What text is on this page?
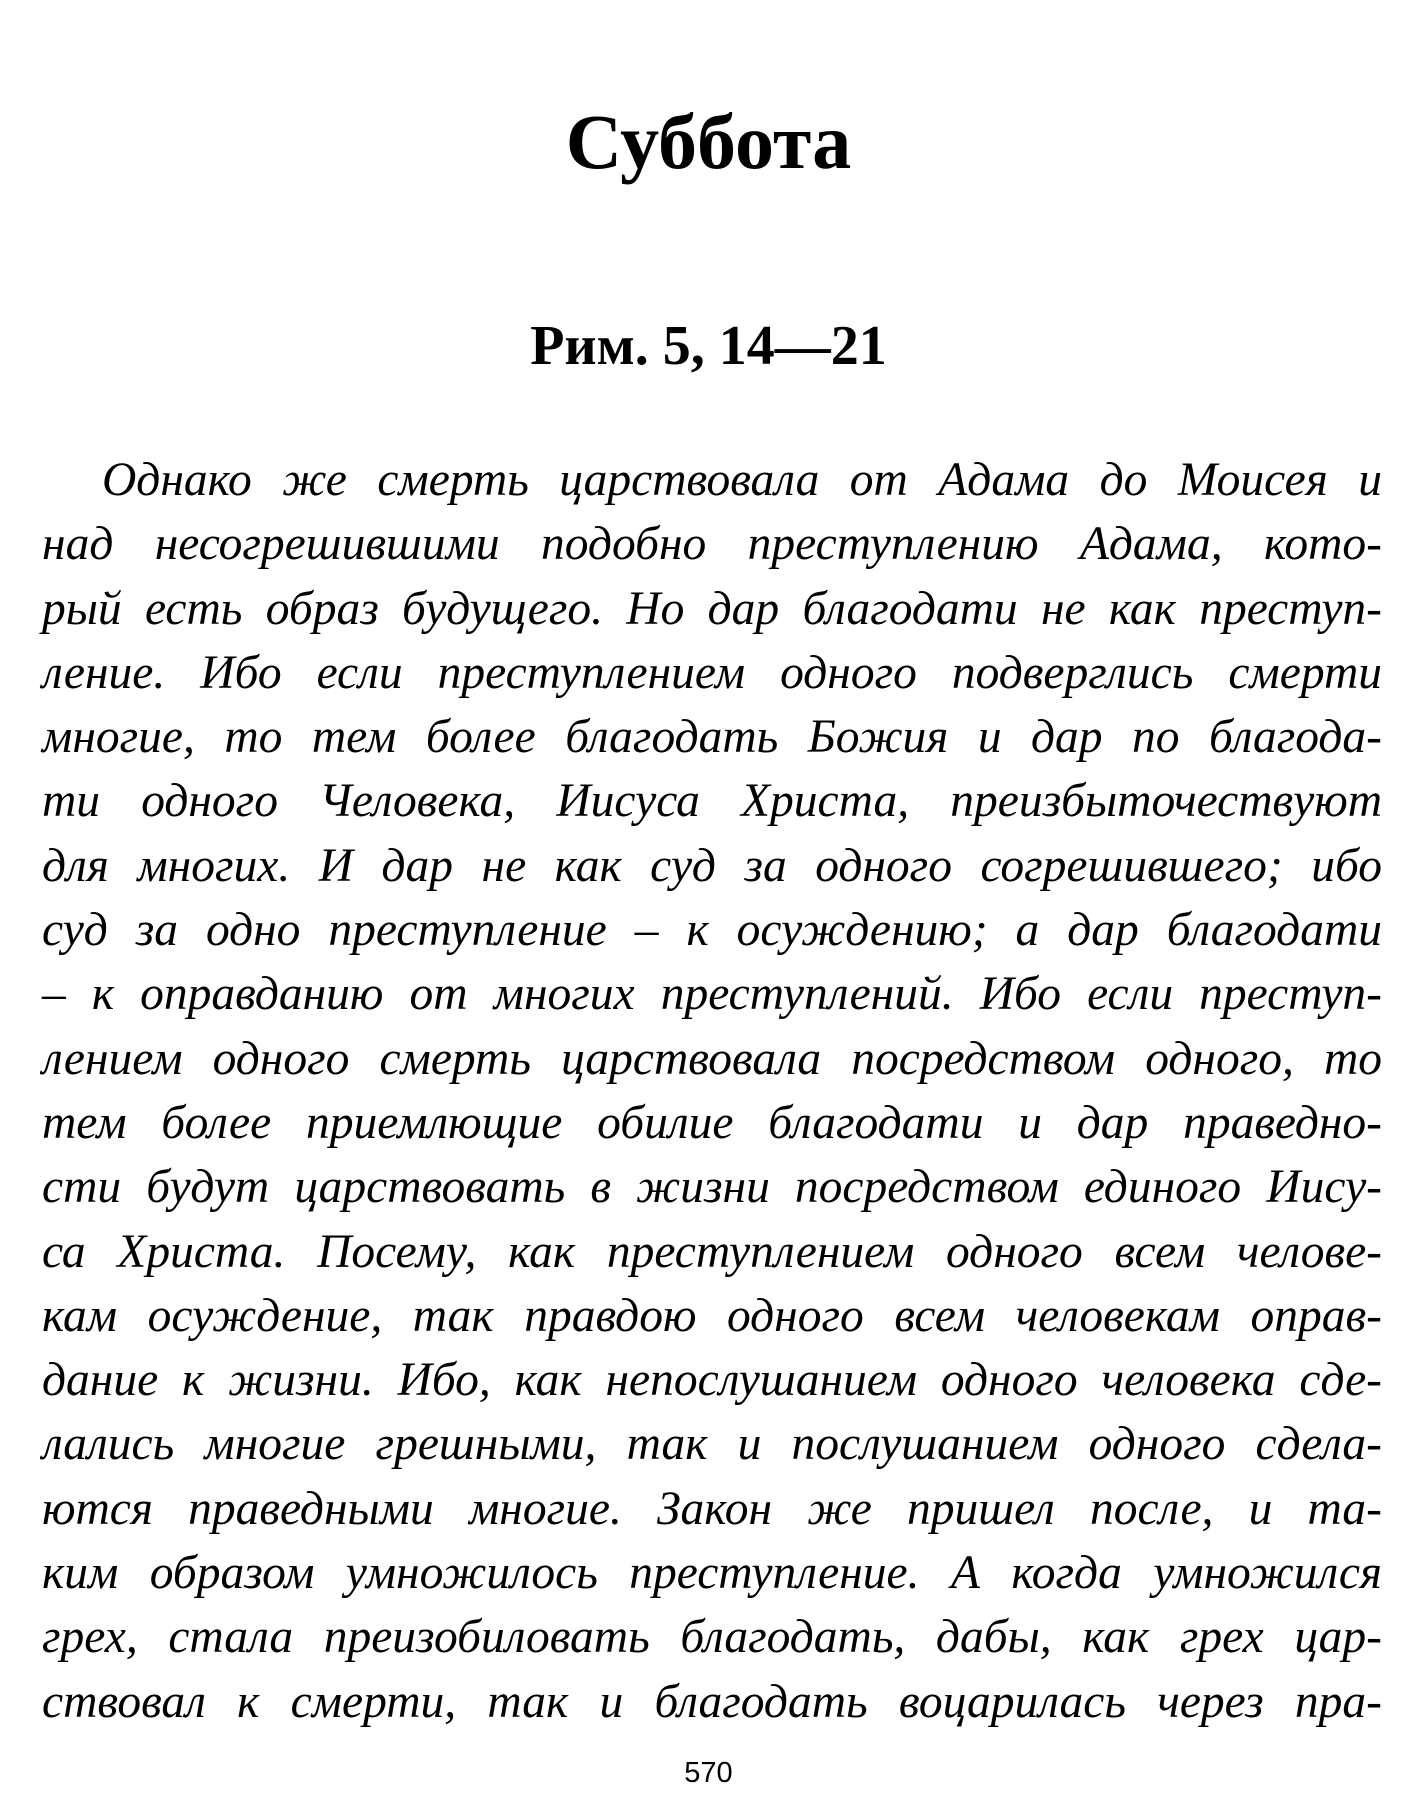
Суббота
Рим. 5, 14—21
Однако же смерть царствовала от Адама до Моисея и
над несогрешившими подобно преступлению Адама, кото-
рый есть образ будущего. Но дар благодати не как преступ-
ление. Ибо если преступлением одного подверглись смерти
многие, то тем более благодать Божия и дар по благода-
ти одного Человека, Иисуса Христа, преизбыточествуют
для многих. И дар не как суд за одного согрешившего; ибо
суд за одно преступление – к осуждению; а дар благодати
– к оправданию от многих преступлений. Ибо если преступ-
лением одного смерть царствовала посредством одного, то
тем более приемлющие обилие благодати и дар праведно-
сти будут царствовать в жизни посредством единого Иису-
са Христа. Посему, как преступлением одного всем челове-
кам осуждение, так правдою одного всем человекам оправ-
дание к жизни. Ибо, как непослушанием одного человека сде-
лались многие грешными, так и послушанием одного сдела-
ются праведными многие. Закон же пришел после, и та-
ким образом умножилось преступление. А когда умножился
грех, стала преизобиловать благодать, дабы, как грех цар-
ствовал к смерти, так и благодать воцарилась через пра-
570
